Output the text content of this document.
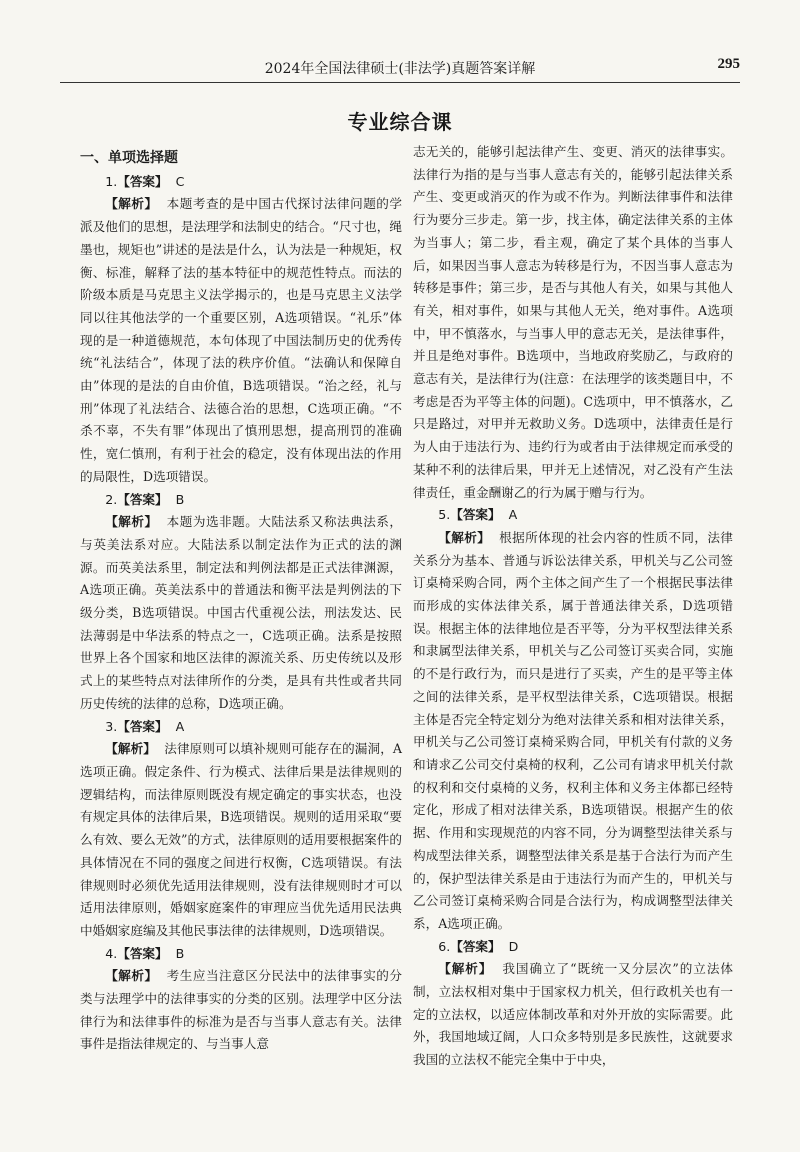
2024年全国法律硕士(非法学)真题答案详解	295
专业综合课
一、单项选择题
1.【答案】 C

【解析】 本题考查的是中国古代探讨法律问题的学派及他们的思想，是法理学和法制史的结合。“尺寸也，绳墨也，规矩也”讲述的是法是什么，认为法是一种规矩，权衡、标准，解释了法的基本特征中的规范性特点。而法的阶级本质是马克思主义法学揭示的，也是马克思主义法学同以往其他法学的一个重要区别，A选项错误。“礼乐”体现的是一种道德规范，本句体现了中国法制历史的优秀传统“礼法结合”，体现了法的秩序价值。“法确认和保障自由”体现的是法的自由价值，B选项错误。“治之经，礼与刑”体现了礼法结合、法德合治的思想，C选项正确。“不杀不辜，不失有罪”体现出了慎刑思想，提高刑罚的准确性，宽仁慎刑，有利于社会的稳定，没有体现出法的作用的局限性，D选项错误。

2.【答案】 B

【解析】 本题为选非题。大陆法系又称法典法系，与英美法系对应。大陆法系以制定法作为正式的法的渊源。而英美法系里，制定法和判例法都是正式法律渊源，A选项正确。英美法系中的普通法和衡平法是判例法的下级分类，B选项错误。中国古代重视公法，刑法发达、民法薄弱是中华法系的特点之一，C选项正确。法系是按照世界上各个国家和地区法律的源流关系、历史传统以及形式上的某些特点对法律所作的分类，是具有共性或者共同历史传统的法律的总称，D选项正确。

3.【答案】 A

【解析】 法律原则可以填补规则可能存在的漏洞，A选项正确。假定条件、行为模式、法律后果是法律规则的逻辑结构，而法律原则既没有规定确定的事实状态，也没有规定具体的法律后果，B选项错误。规则的适用采取“要么有效、要么无效”的方式，法律原则的适用要根据案件的具体情况在不同的强度之间进行权衡，C选项错误。有法律规则时必须优先适用法律规则，没有法律规则时才可以适用法律原则，婚姻家庭案件的审理应当优先适用民法典中婚姻家庭编及其他民事法律的法律规则，D选项错误。

4.【答案】 B

【解析】 考生应当注意区分民法中的法律事实的分类与法理学中的法律事实的分类的区别。法理学中区分法律行为和法律事件的标准为是否与当事人意志有关。法律事件是指法律规定的、与当事人意

志无关的，能够引起法律产生、变更、消灭的法律事实。法律行为指的是与当事人意志有关的，能够引起法律关系产生、变更或消灭的作为或不作为。判断法律事件和法律行为要分三步走。第一步，找主体，确定法律关系的主体为当事人；第二步，看主观，确定了某个具体的当事人后，如果因当事人意志为转移是行为，不因当事人意志为转移是事件；第三步，是否与其他人有关，如果与其他人有关，相对事件，如果与其他人无关，绝对事件。A选项中，甲不慎落水，与当事人甲的意志无关，是法律事件，并且是绝对事件。B选项中，当地政府奖励乙，与政府的意志有关，是法律行为(注意：在法理学的该类题目中，不考虑是否为平等主体的问题)。C选项中，甲不慎落水，乙只是路过，对甲并无救助义务。D选项中，法律责任是行为人由于违法行为、违约行为或者由于法律规定而承受的某种不利的法律后果，甲并无上述情况，对乙没有产生法律责任，重金酬谢乙的行为属于赠与行为。

5.【答案】 A

【解析】 根据所体现的社会内容的性质不同，法律关系分为基本、普通与诉讼法律关系，甲机关与乙公司签订桌椅采购合同，两个主体之间产生了一个根据民事法律而形成的实体法律关系，属于普通法律关系，D选项错误。根据主体的法律地位是否平等，分为平权型法律关系和隶属型法律关系，甲机关与乙公司签订买卖合同，实施的不是行政行为，而只是进行了买卖，产生的是平等主体之间的法律关系，是平权型法律关系，C选项错误。根据主体是否完全特定划分为绝对法律关系和相对法律关系，甲机关与乙公司签订桌椅采购合同，甲机关有付款的义务和请求乙公司交付桌椅的权利，乙公司有请求甲机关付款的权利和交付桌椅的义务，权利主体和义务主体都已经特定化，形成了相对法律关系，B选项错误。根据产生的依据、作用和实现规范的内容不同，分为调整型法律关系与构成型法律关系，调整型法律关系是基于合法行为而产生的，保护型法律关系是由于违法行为而产生的，甲机关与乙公司签订桌椅采购合同是合法行为，构成调整型法律关系，A选项正确。

6.【答案】 D

【解析】 我国确立了“既统一又分层次”的立法体制，立法权相对集中于国家权力机关，但行政机关也有一定的立法权，以适应体制改革和对外开放的实际需要。此外，我国地域辽阔，人口众多特别是多民族性，这就要求我国的立法权不能完全集中于中央，
